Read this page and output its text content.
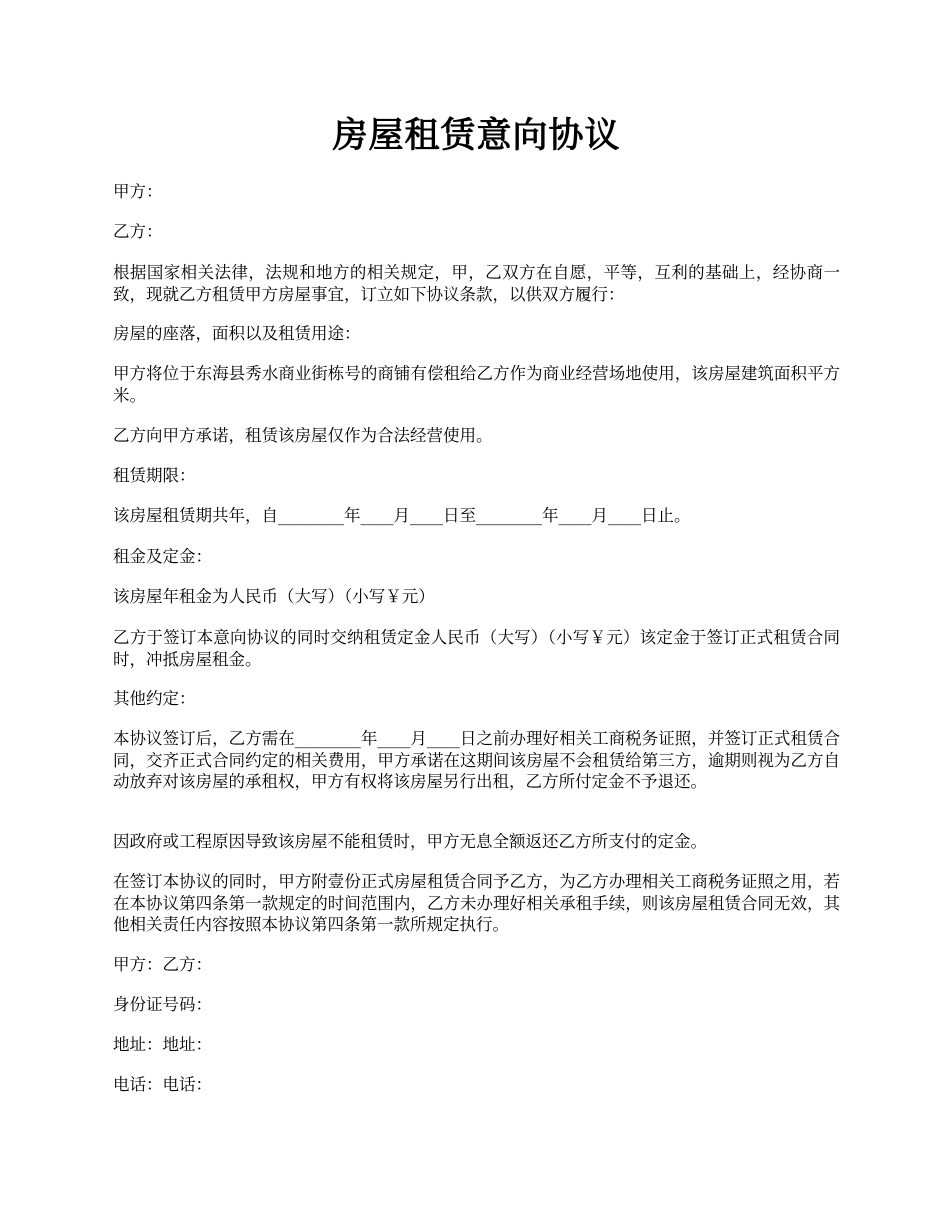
房屋租赁意向协议
甲方：
乙方：
根据国家相关法律，法规和地方的相关规定，甲，乙双方在自愿，平等，互利的基础上，经协商一致，现就乙方租赁甲方房屋事宜，订立如下协议条款，以供双方履行：
房屋的座落，面积以及租赁用途：
甲方将位于东海县秀水商业街栋号的商铺有偿租给乙方作为商业经营场地使用，该房屋建筑面积平方米。
乙方向甲方承诺，租赁该房屋仅作为合法经营使用。
租赁期限：
该房屋租赁期共年，自________年____月____日至________年____月____日止。
租金及定金：
该房屋年租金为人民币（大写）（小写￥元）
乙方于签订本意向协议的同时交纳租赁定金人民币（大写）（小写￥元）该定金于签订正式租赁合同时，冲抵房屋租金。
其他约定：
本协议签订后，乙方需在________年____月____日之前办理好相关工商税务证照，并签订正式租赁合同，交齐正式合同约定的相关费用，甲方承诺在这期间该房屋不会租赁给第三方，逾期则视为乙方自动放弃对该房屋的承租权，甲方有权将该房屋另行出租，乙方所付定金不予退还。
因政府或工程原因导致该房屋不能租赁时，甲方无息全额返还乙方所支付的定金。
在签订本协议的同时，甲方附壹份正式房屋租赁合同予乙方，为乙方办理相关工商税务证照之用，若在本协议第四条第一款规定的时间范围内，乙方未办理好相关承租手续，则该房屋租赁合同无效，其他相关责任内容按照本协议第四条第一款所规定执行。
甲方：乙方：
身份证号码：
地址：地址：
电话：电话：
